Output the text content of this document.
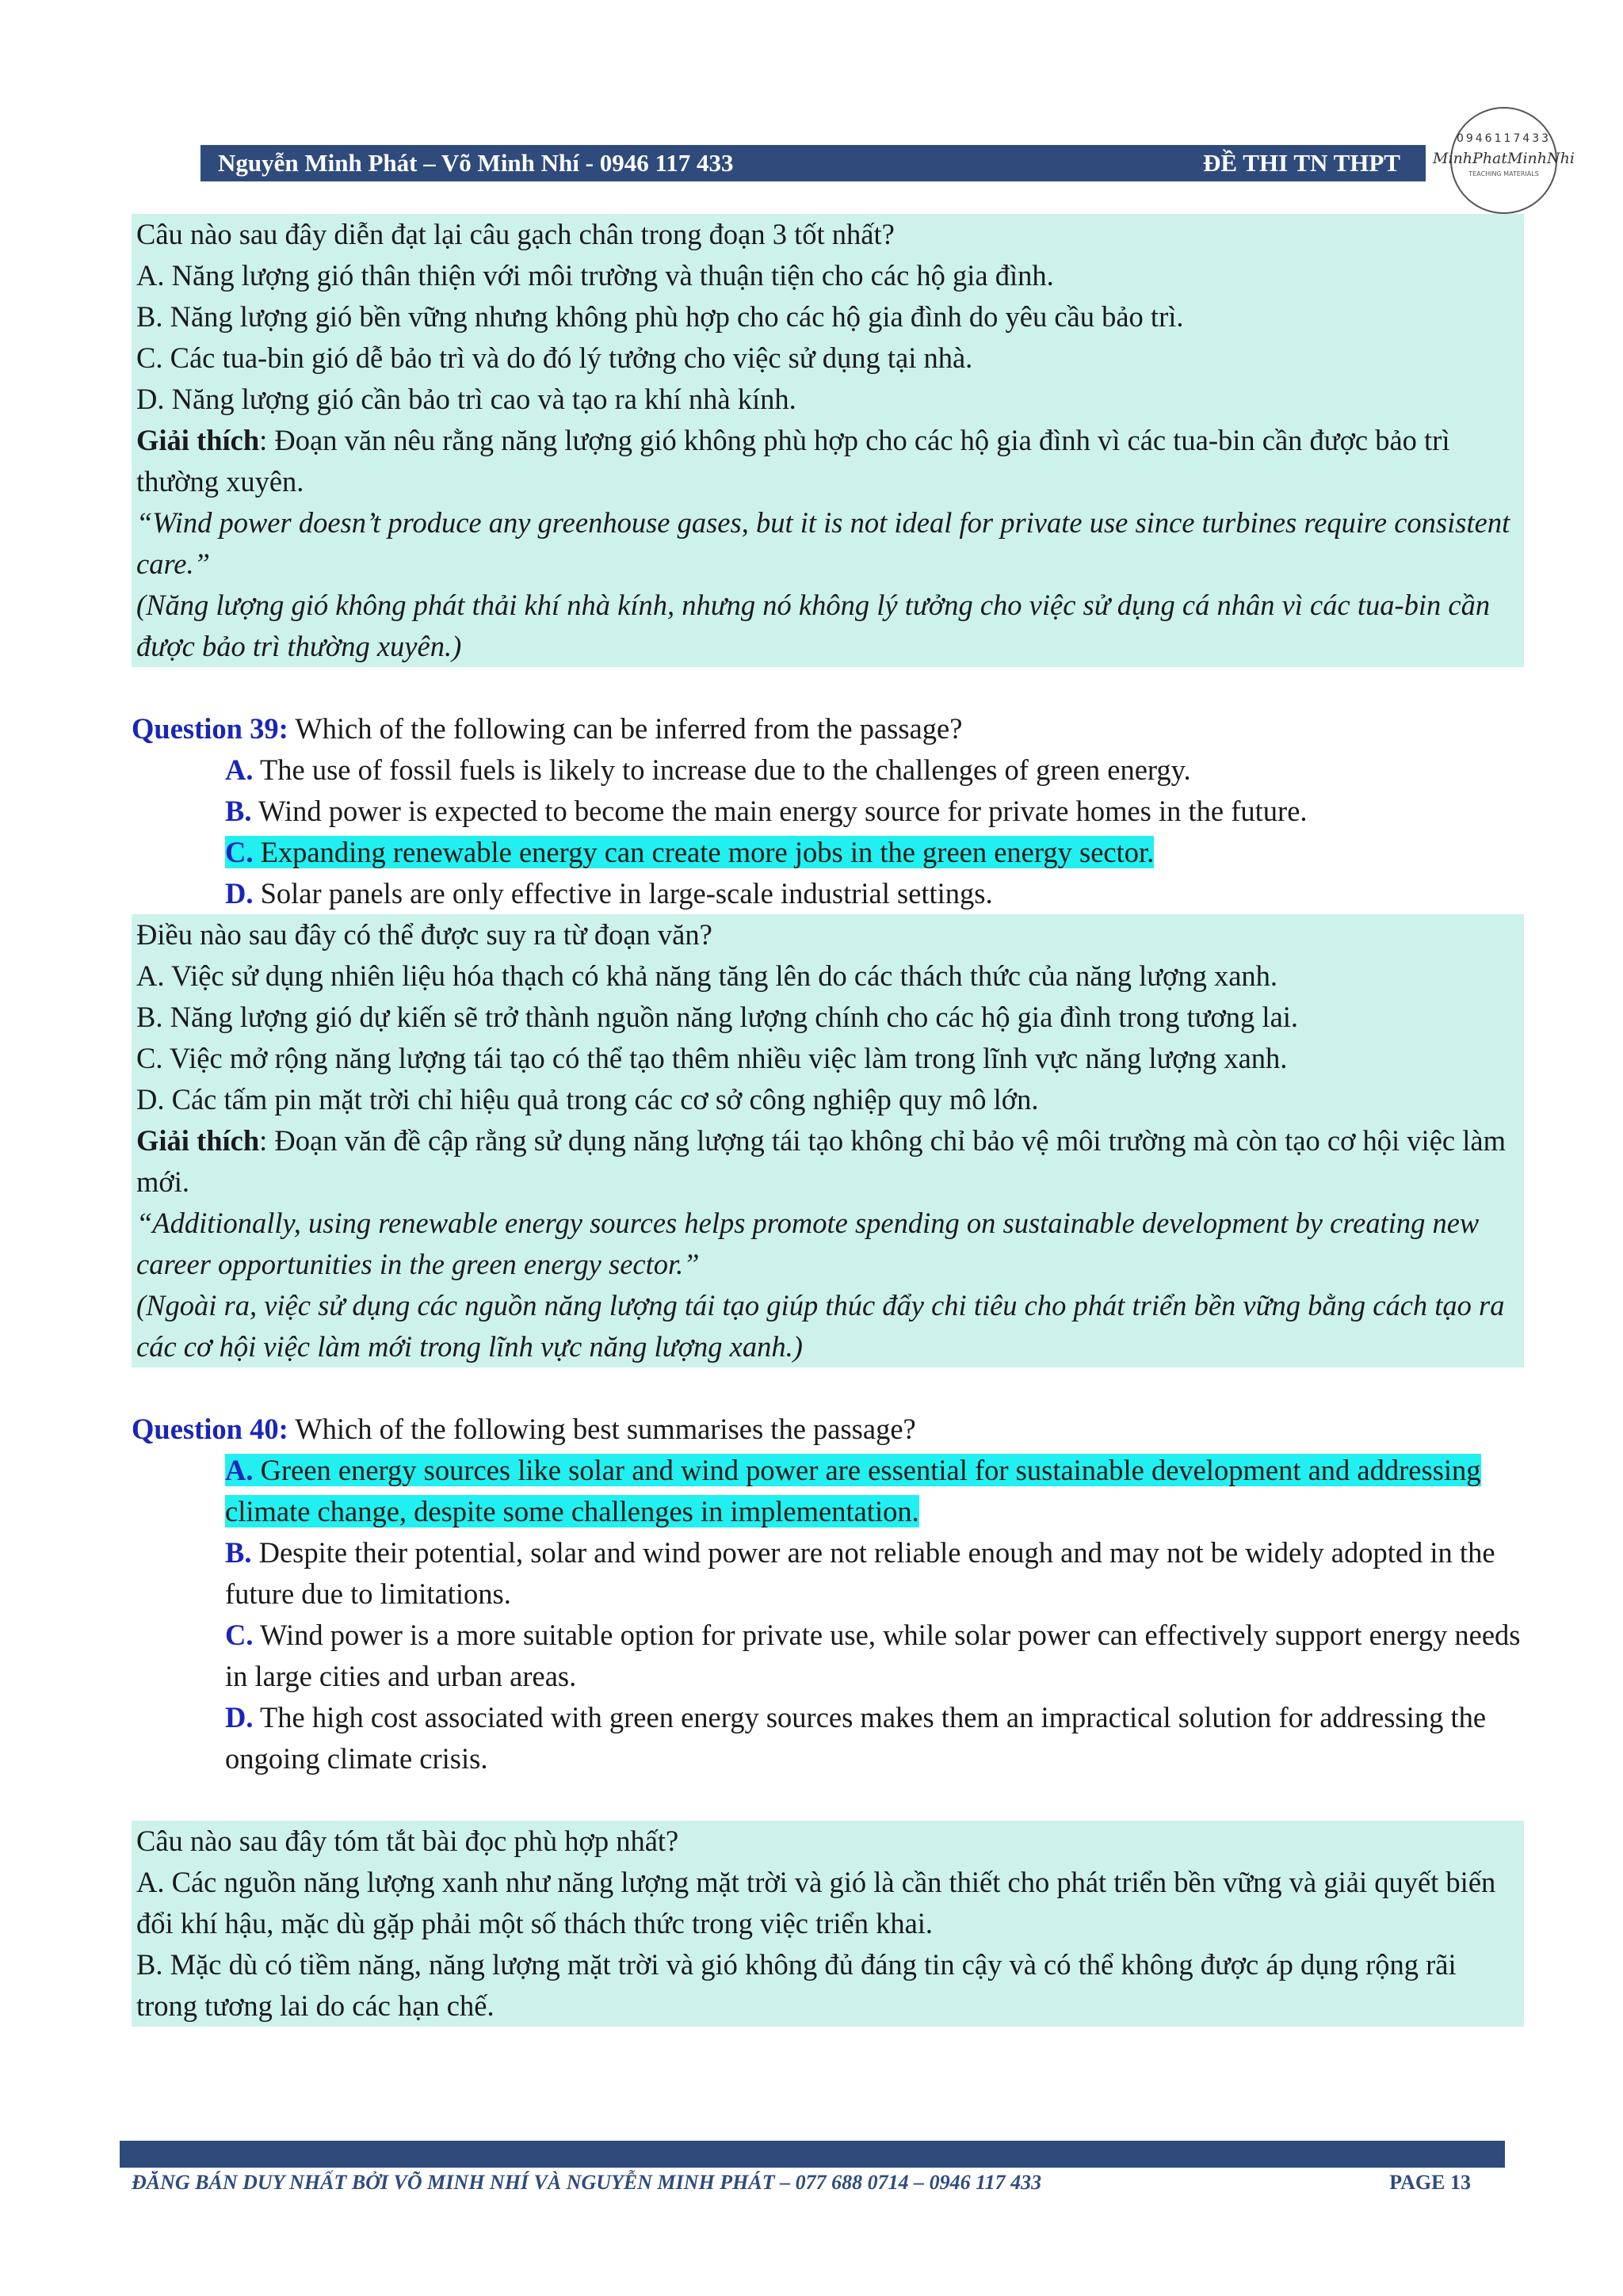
Nguyễn Minh Phát – Võ Minh Nhí - 0946 117 433	ĐỀ THI TN THPT
0946117433
MinhPhatMinhNhi
TEACHING MATERIALS

Câu nào sau đây diễn đạt lại câu gạch chân trong đoạn 3 tốt nhất?

A. Năng lượng gió thân thiện với môi trường và thuận tiện cho các hộ gia đình.

B. Năng lượng gió bền vững nhưng không phù hợp cho các hộ gia đình do yêu cầu bảo trì.

C. Các tua-bin gió dễ bảo trì và do đó lý tưởng cho việc sử dụng tại nhà.

D. Năng lượng gió cần bảo trì cao và tạo ra khí nhà kính.

Giải thích: Đoạn văn nêu rằng năng lượng gió không phù hợp cho các hộ gia đình vì các tua-bin cần được bảo trì thường xuyên.

“Wind power doesn’t produce any greenhouse gases, but it is not ideal for private use since turbines require consistent care.”

(Năng lượng gió không phát thải khí nhà kính, nhưng nó không lý tưởng cho việc sử dụng cá nhân vì các tua-bin cần được bảo trì thường xuyên.)

Question 39: Which of the following can be inferred from the passage?

A. The use of fossil fuels is likely to increase due to the challenges of green energy.

B. Wind power is expected to become the main energy source for private homes in the future.

C. Expanding renewable energy can create more jobs in the green energy sector.

D. Solar panels are only effective in large-scale industrial settings.

Điều nào sau đây có thể được suy ra từ đoạn văn?

A. Việc sử dụng nhiên liệu hóa thạch có khả năng tăng lên do các thách thức của năng lượng xanh.

B. Năng lượng gió dự kiến sẽ trở thành nguồn năng lượng chính cho các hộ gia đình trong tương lai.

C. Việc mở rộng năng lượng tái tạo có thể tạo thêm nhiều việc làm trong lĩnh vực năng lượng xanh.

D. Các tấm pin mặt trời chỉ hiệu quả trong các cơ sở công nghiệp quy mô lớn.

Giải thích: Đoạn văn đề cập rằng sử dụng năng lượng tái tạo không chỉ bảo vệ môi trường mà còn tạo cơ hội việc làm mới.

“Additionally, using renewable energy sources helps promote spending on sustainable development by creating new career opportunities in the green energy sector.”

(Ngoài ra, việc sử dụng các nguồn năng lượng tái tạo giúp thúc đẩy chi tiêu cho phát triển bền vững bằng cách tạo ra các cơ hội việc làm mới trong lĩnh vực năng lượng xanh.)

Question 40: Which of the following best summarises the passage?

A. Green energy sources like solar and wind power are essential for sustainable development and addressing climate change, despite some challenges in implementation.

B. Despite their potential, solar and wind power are not reliable enough and may not be widely adopted in the future due to limitations.

C. Wind power is a more suitable option for private use, while solar power can effectively support energy needs in large cities and urban areas.

D. The high cost associated with green energy sources makes them an impractical solution for addressing the ongoing climate crisis.

Câu nào sau đây tóm tắt bài đọc phù hợp nhất?

A. Các nguồn năng lượng xanh như năng lượng mặt trời và gió là cần thiết cho phát triển bền vững và giải quyết biến đổi khí hậu, mặc dù gặp phải một số thách thức trong việc triển khai.

B. Mặc dù có tiềm năng, năng lượng mặt trời và gió không đủ đáng tin cậy và có thể không được áp dụng rộng rãi trong tương lai do các hạn chế.

ĐĂNG BÁN DUY NHẤT BỞI VÕ MINH NHÍ VÀ NGUYỄN MINH PHÁT – 077 688 0714 – 0946 117 433	PAGE 13
